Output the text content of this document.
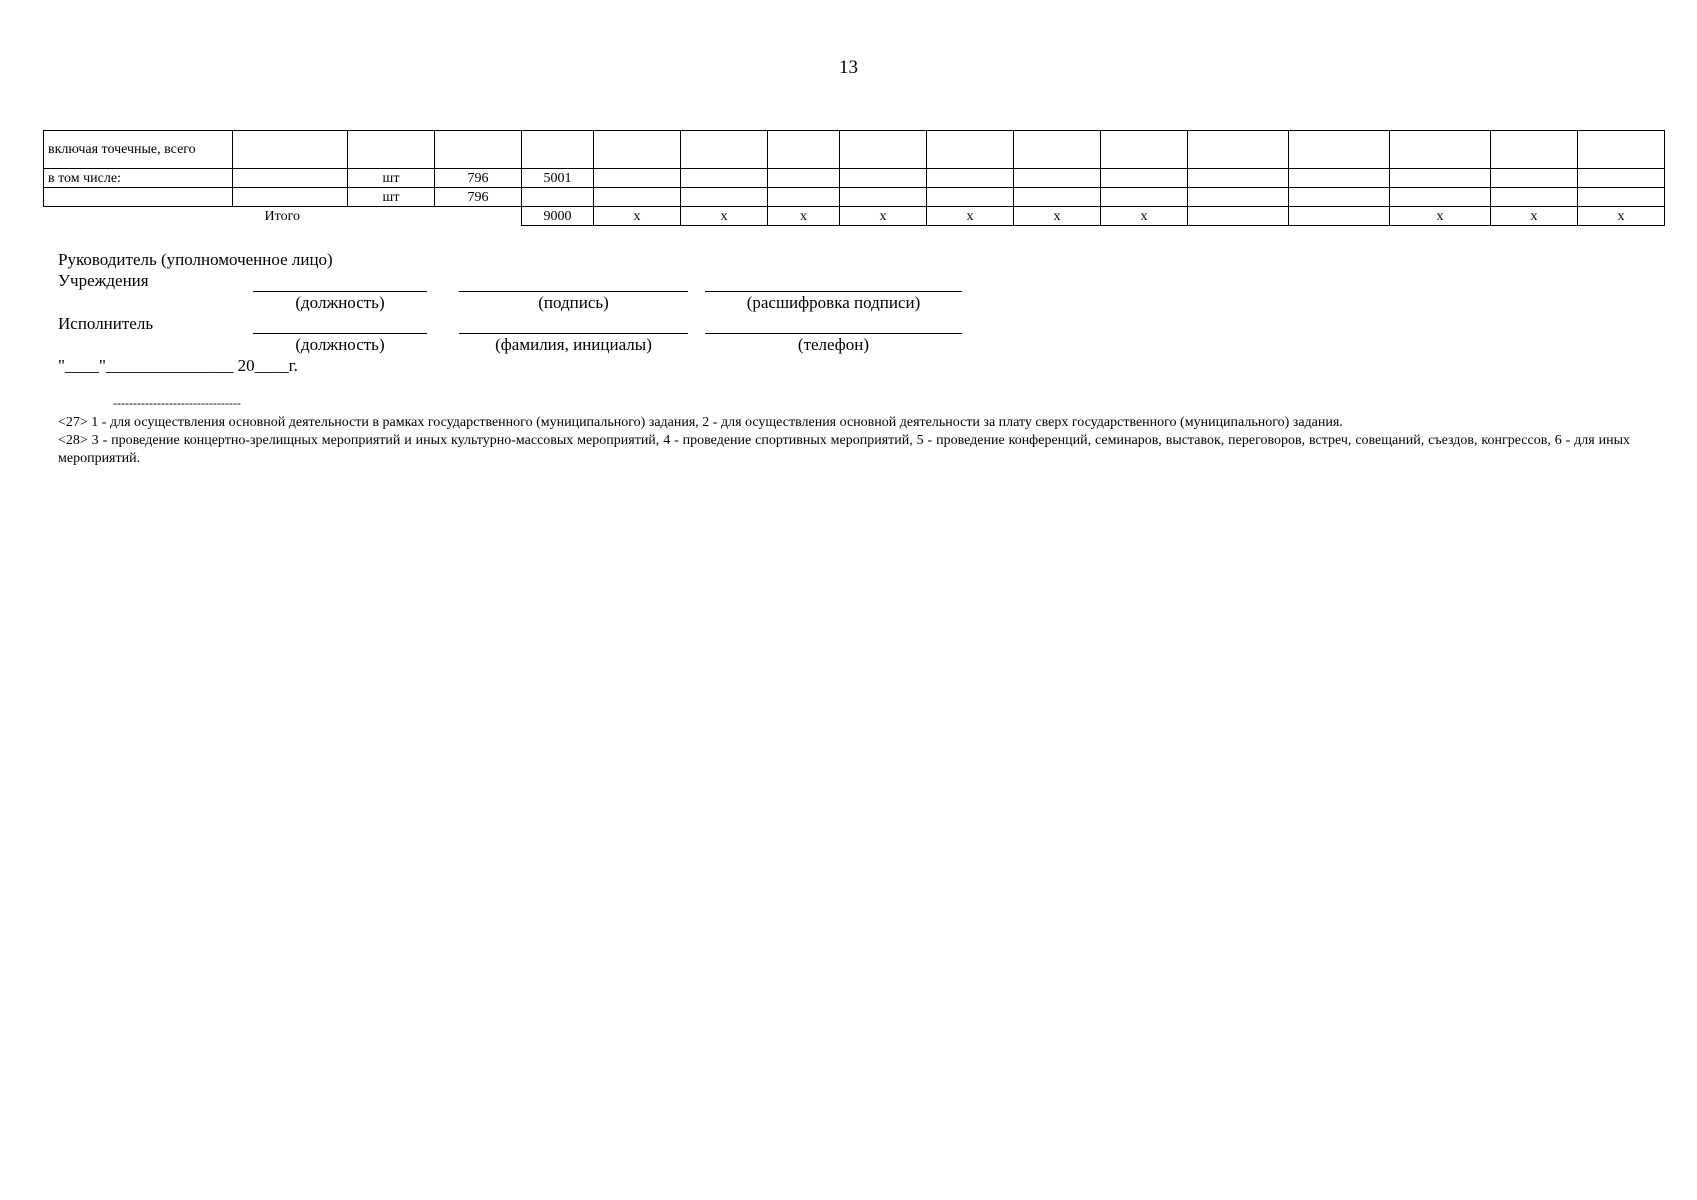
13
включая точечные, всего																	
в том числе:		шт	796	5001													
		шт	796														
Итого				9000	x	x	x	x	x	x	x			x	x	x	
Руководитель (уполномоченное лицо)
Учреждения
(должность)	(подпись)	(расшифровка подписи)
Исполнитель
(должность)	(фамилия, инициалы)	(телефон)
"____"_______________ 20____г.
--------------------------------

<27> 1 - для осуществления основной деятельности в рамках государственного (муниципального) задания, 2 - для осуществления основной деятельности за плату сверх государственного (муниципального) задания.

<28> 3 - проведение концертно-зрелищных мероприятий и иных культурно-массовых мероприятий, 4 - проведение спортивных мероприятий, 5 - проведение конференций, семинаров, выставок, переговоров, встреч, совещаний, съездов, конгрессов, 6 - для иных мероприятий.
